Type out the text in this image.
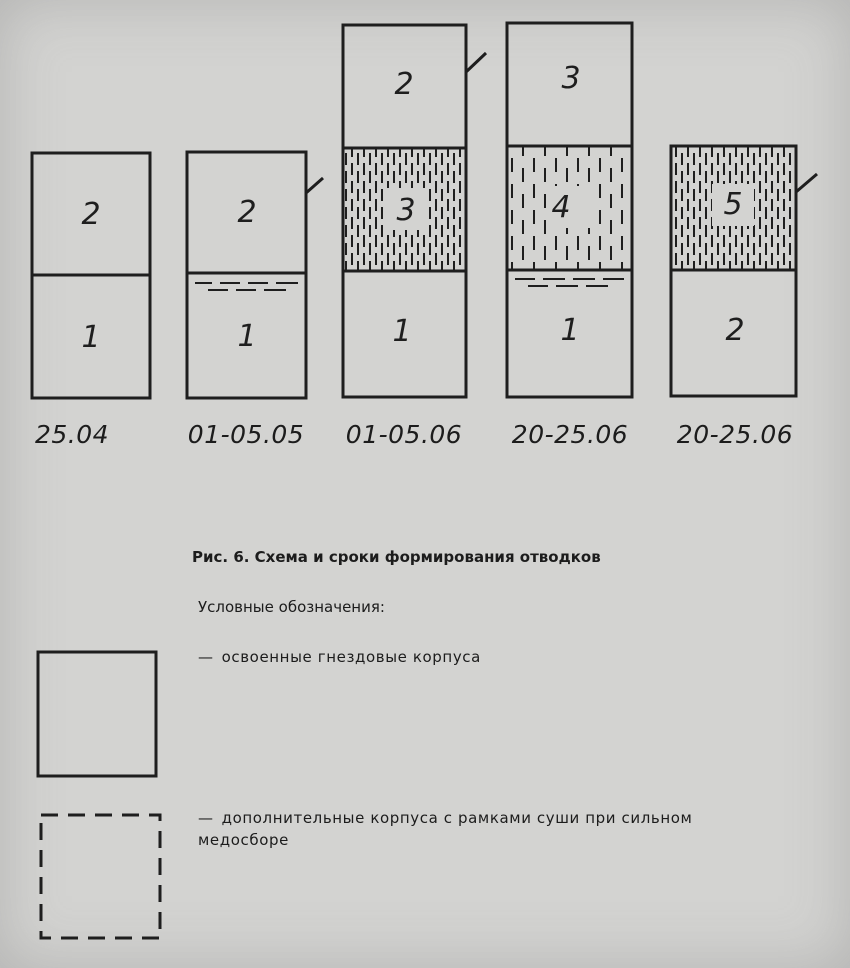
2
1
2
1
2
3
1
3
4
1
5
2
25.04	01-05.05 01-05.06 20-25.06 20-25.06
Рис. 6. Схема и сроки формирования отводков
Условные обозначения:
— освоенные гнездовые корпуса
— дополнительные корпуса с рамками суши при сильном медосборе
